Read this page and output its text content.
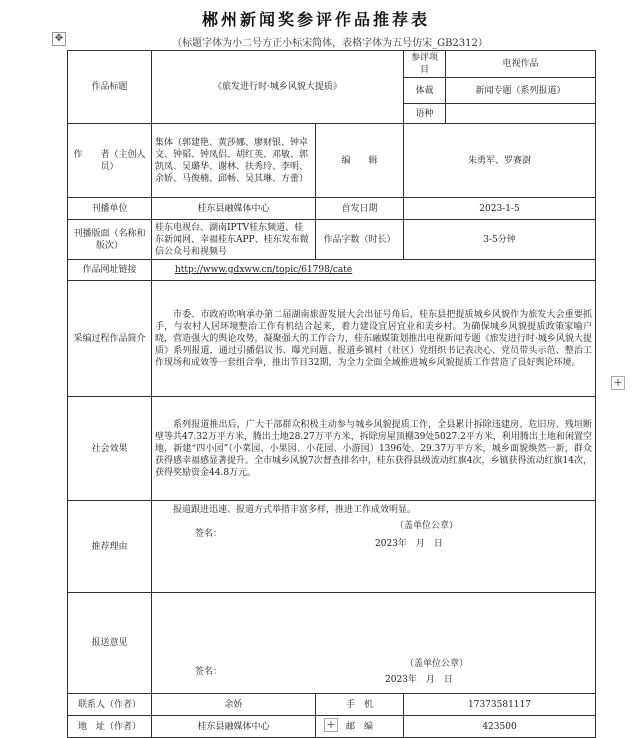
郴州新闻奖参评作品推荐表
✥	（标题字体为小二号方正小标宋简体，表格字体为五号仿宋_GB2312）
作品标题	《旅发进行时·城乡风貌大提质》		参评项目	电视作品
			体裁	新闻专题（系列报道）
			语种	
作　　者（主创人员）	集体（郭建艳、黄莎娜、廖财银、钟卓文、钟韬、钟凤侣、胡红英、邓敏、郭凯凤、吴璐华、谢林、扶秀玲、李明、余娇、马俊楠、邱畅、吴其琳、方蕾）	编　　辑	朱勇军、罗赛澍	
刊播单位	桂东县融媒体中心	首发日期	2023-1-5	
刊播版面（名称和版次）	桂东电视台、湖南IPTV桂东频道、桂东新闻网、幸福桂东APP、桂东发布微信公众号和视频号	作品字数（时长）	3-5分钟	
作品网址链接	http://www.gdxww.cn/topic/61798/cate			
采编过程作品简介	市委、市政府吹响承办第二届湖南旅游发展大会出征号角后，桂东县把提质城乡风貌作为旅发大会重要抓手，与农村人居环境整治工作有机结合起来，着力建设宜居宜业和美乡村。为确保城乡风貌提质政策家喻户晓，营造强大的舆论攻势，凝聚强大的工作合力，桂东融媒策划推出电视新闻专题《旅发进行时·城乡风貌大提质》系列报道，通过引播倡议书、曝光问题、报道乡镇村（社区）党组织书记表决心、党员带头示范、整治工作现场和成效等一套组合拳，推出节目32期，为全力全面全域推进城乡风貌提质工作营造了良好舆论环境。			
社会效果	系列报道推出后，广大干部群众积极主动参与城乡风貌提质工作，全县累计拆除违建房、危旧房、残垣断壁等共47.32万平方米，腾出土地28.27万平方米，拆除房屋顶棚39处5027.2平方米，利用腾出土地和闲置空地，新建“四小园”（小菜园、小果园、小花园、小游园）1396处、29.37万平方米，城乡面貌焕然一新，群众获得感幸福感显著提升。全市城乡风貌7次督查排名中，桂东获得县级流动红旗4次，乡镇获得流动红旗14次，获得奖励资金44.8万元。			
推荐理由	报道跟进迅速、报道方式举措丰富多样，推进工作成效明显。
签名：
（盖单位公章）
2023年　月　日			

报送意见	签名：
（盖单位公章）
2023年　月　日			

联系人（作者）	余娇	手　机	17373581117	
地　址（作者）	桂东县融媒体中心	邮　编	423500	
+
+
